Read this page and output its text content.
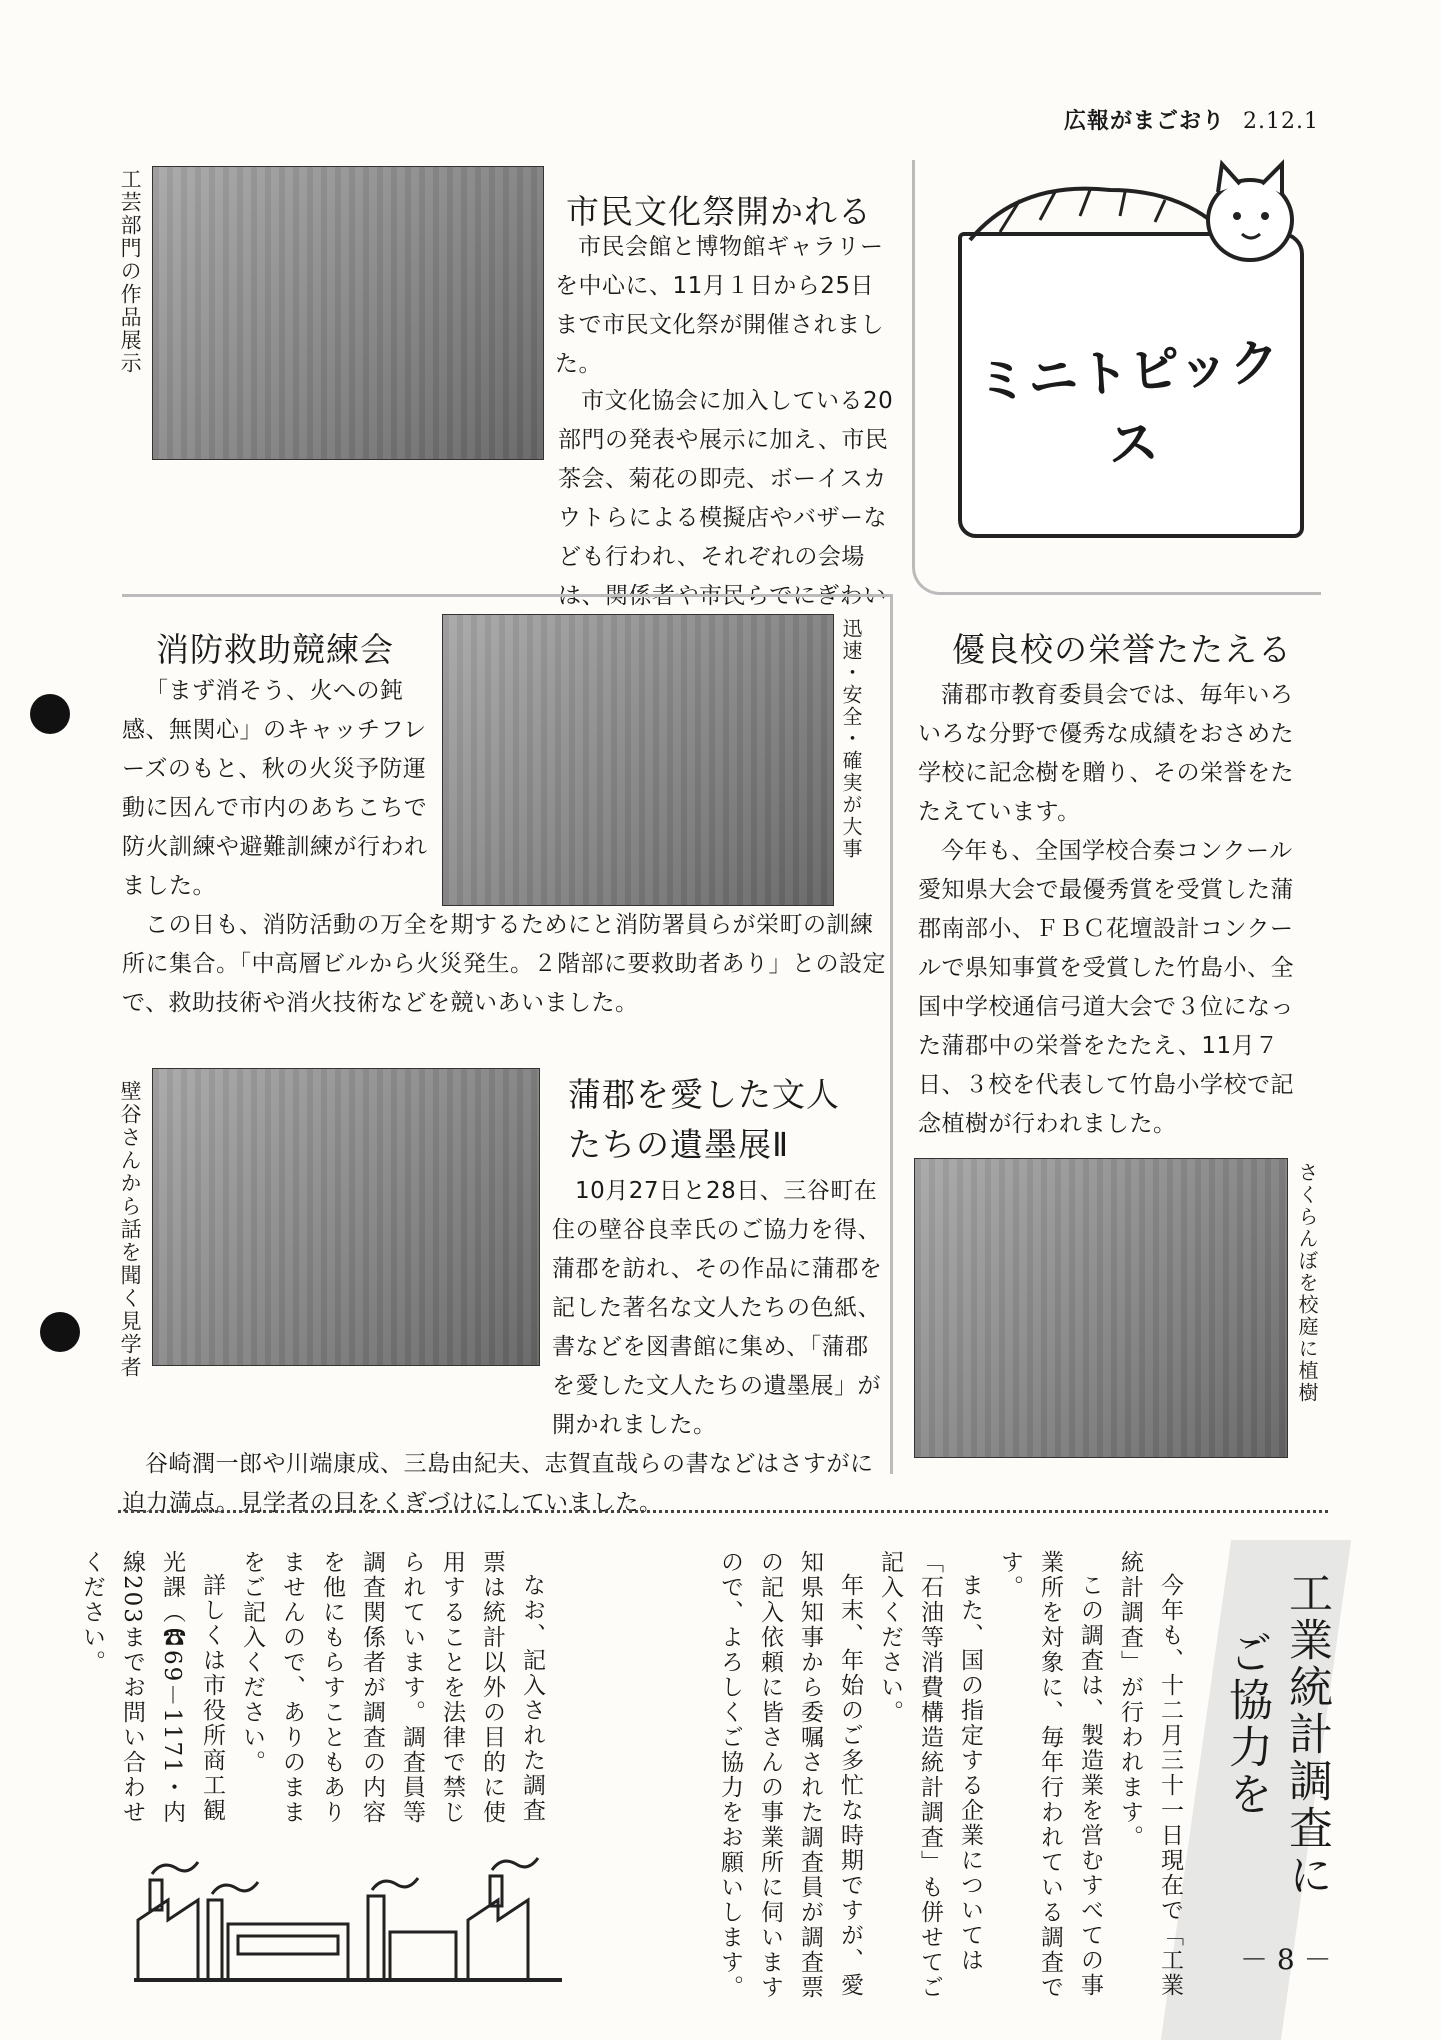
広報がまごおり 2.12.1
工芸部門の作品展示	市民文化祭開かれる

市民会館と博物館ギャラリーを中心に、11月１日から25日まで市民文化祭が開催されました。

市文化協会に加入している20部門の発表や展示に加え、市民茶会、菊花の即売、ボーイスカウトらによる模擬店やバザーなども行われ、それぞれの会場は、関係者や市民らでにぎわい

ミニトピックス
消防救助競練会	迅速・安全・確実が大事

「まず消そう、火への鈍感、無関心」のキャッチフレーズのもと、秋の火災予防運動に因んで市内のあちこちで防火訓練や避難訓練が行われました。

この日も、消防活動の万全を期するためにと消防署員らが栄町の訓練所に集合。「中高層ビルから火災発生。２階部に要救助者あり」との設定で、救助技術や消火技術などを競いあいました。

優良校の栄誉たたえる

蒲郡市教育委員会では、毎年いろいろな分野で優秀な成績をおさめた学校に記念樹を贈り、その栄誉をたたえています。

今年も、全国学校合奏コンクール愛知県大会で最優秀賞を受賞した蒲郡南部小、ＦＢＣ花壇設計コンクールで県知事賞を受賞した竹島小、全国中学校通信弓道大会で３位になった蒲郡中の栄誉をたたえ、11月７日、３校を代表して竹島小学校で記念植樹が行われました。

さくらんぼを校庭に植樹
壁谷さんから話を聞く見学者	蒲郡を愛した文人
たちの遺墨展Ⅱ

10月27日と28日、三谷町在住の壁谷良幸氏のご協力を得、蒲郡を訪れ、その作品に蒲郡を記した著名な文人たちの色紙、書などを図書館に集め、「蒲郡を愛した文人たちの遺墨展」が開かれました。

谷崎潤一郎や川端康成、三島由紀夫、志賀直哉らの書などはさすがに迫力満点。見学者の目をくぎづけにしていました。

工業統計調査に
ご協力を

今年も、十二月三十一日現在で「工業統計調査」が行われます。

この調査は、製造業を営むすべての事業所を対象に、毎年行われている調査です。

また、国の指定する企業については「石油等消費構造統計調査」も併せてご記入ください。

年末、年始のご多忙な時期ですが、愛知県知事から委嘱された調査員が調査票の記入依頼に皆さんの事業所に伺いますので、よろしくご協力をお願いします。

なお、記入された調査票は統計以外の目的に使用することを法律で禁じられています。調査員等調査関係者が調査の内容を他にもらすこともありませんので、ありのままをご記入ください。

詳しくは市役所商工観光課（☎69－1171・内線203までお問い合わせください。

－ 8 －
